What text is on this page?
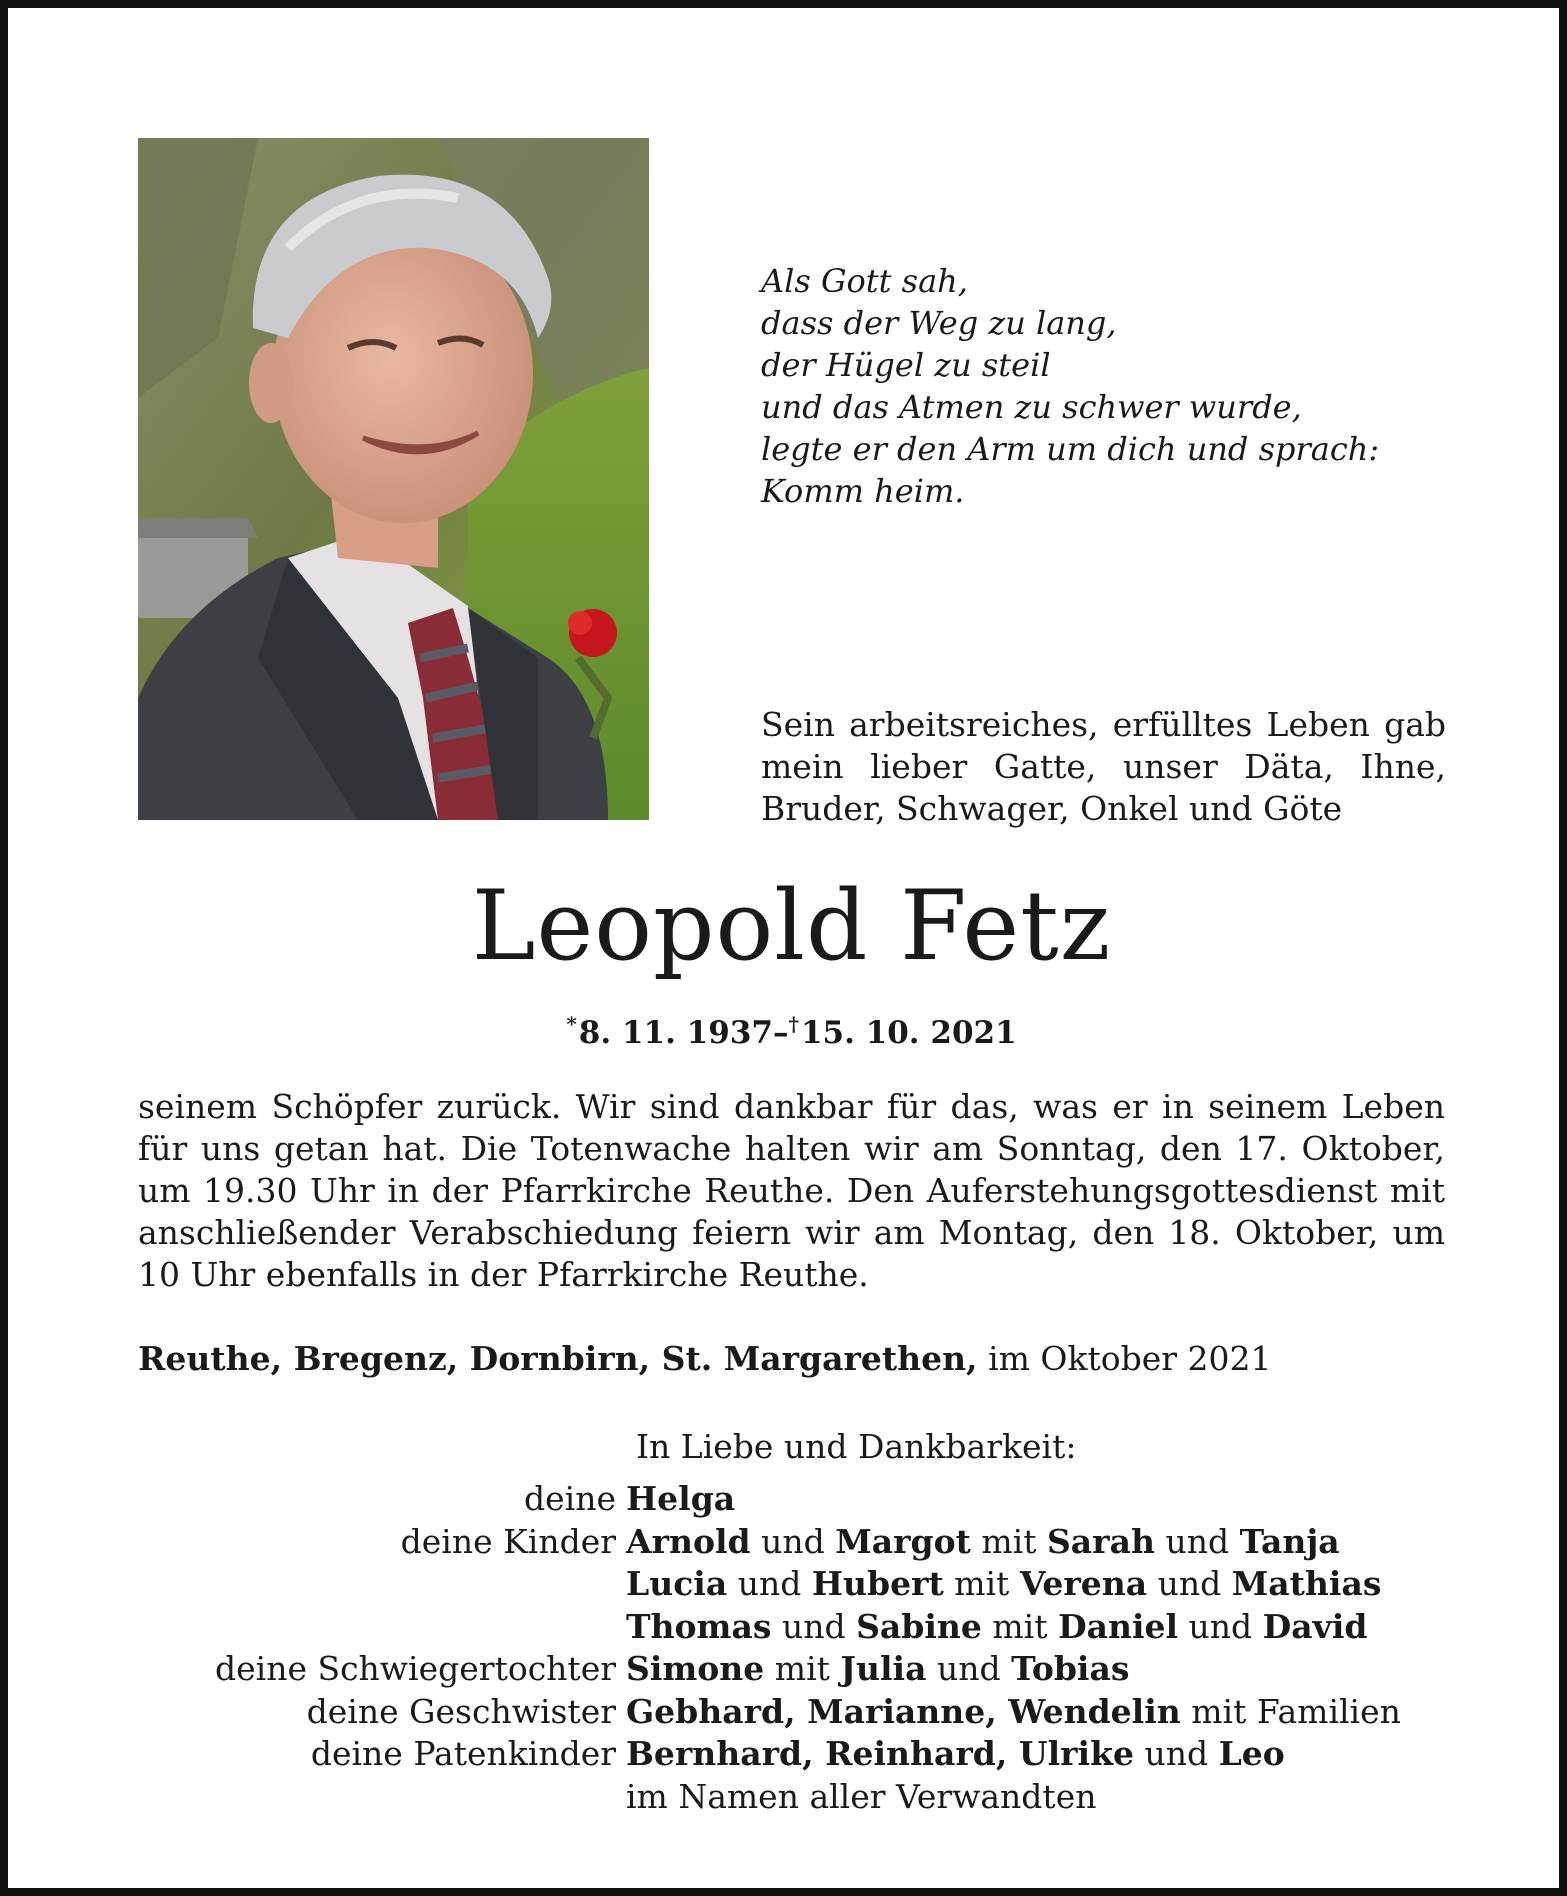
Als Gott sah,
dass der Weg zu lang,
der Hügel zu steil
und das Atmen zu schwer wurde,
legte er den Arm um dich und sprach:
Komm heim.
Sein arbeitsreiches, erfülltes Leben gab
mein lieber Gatte, unser Däta, Ihne,
Bruder, Schwager, Onkel und Göte
Leopold Fetz
*8. 11. 1937–†15. 10. 2021
seinem Schöpfer zurück. Wir sind dankbar für das, was er in seinem Leben
für uns getan hat. Die Totenwache halten wir am Sonntag, den 17. Oktober,
um 19.30 Uhr in der Pfarrkirche Reuthe. Den Auferstehungsgottesdienst mit
anschließender Verabschiedung feiern wir am Montag, den 18. Oktober, um
10 Uhr ebenfalls in der Pfarrkirche Reuthe.
Reuthe, Bregenz, Dornbirn, St. Margarethen, im Oktober 2021
In Liebe und Dankbarkeit:
deine Helga
deine Kinder Arnold und Margot mit Sarah und Tanja
Lucia und Hubert mit Verena und Mathias
Thomas und Sabine mit Daniel und David
deine Schwiegertochter Simone mit Julia und Tobias
deine Geschwister Gebhard, Marianne, Wendelin mit Familien
deine Patenkinder Bernhard, Reinhard, Ulrike und Leo
im Namen aller Verwandten
